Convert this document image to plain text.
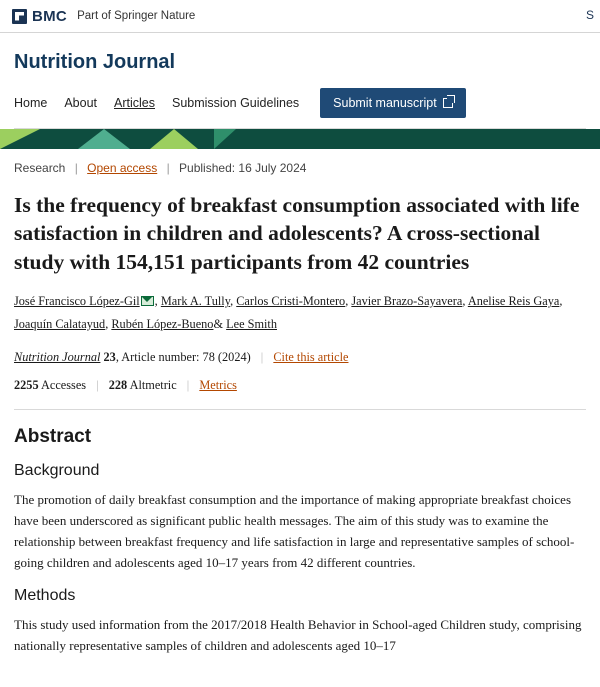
BMC Part of Springer Nature	S
Nutrition Journal
Home About Articles Submission Guidelines	Submit manuscript
Research | Open access | Published: 16 July 2024
Is the frequency of breakfast consumption associated with life satisfaction in children and adolescents? A cross-sectional study with 154,151 participants from 42 countries
José Francisco López-Gil , Mark A. Tully, Carlos Cristi-Montero, Javier Brazo-Sayavera, Anelise Reis Gaya, Joaquín Calatayud, Rubén López-Bueno& Lee Smith
Nutrition Journal 23, Article number: 78 (2024) | Cite this article
2255 Accesses | 228 Altmetric | Metrics
Abstract
Background

The promotion of daily breakfast consumption and the importance of making appropriate breakfast choices have been underscored as significant public health messages. The aim of this study was to examine the relationship between breakfast frequency and life satisfaction in large and representative samples of school-going children and adolescents aged 10–17 years from 42 different countries.

Methods

This study used information from the 2017/2018 Health Behavior in School-aged Children study, comprising nationally representative samples of children and adolescents aged 10–17
